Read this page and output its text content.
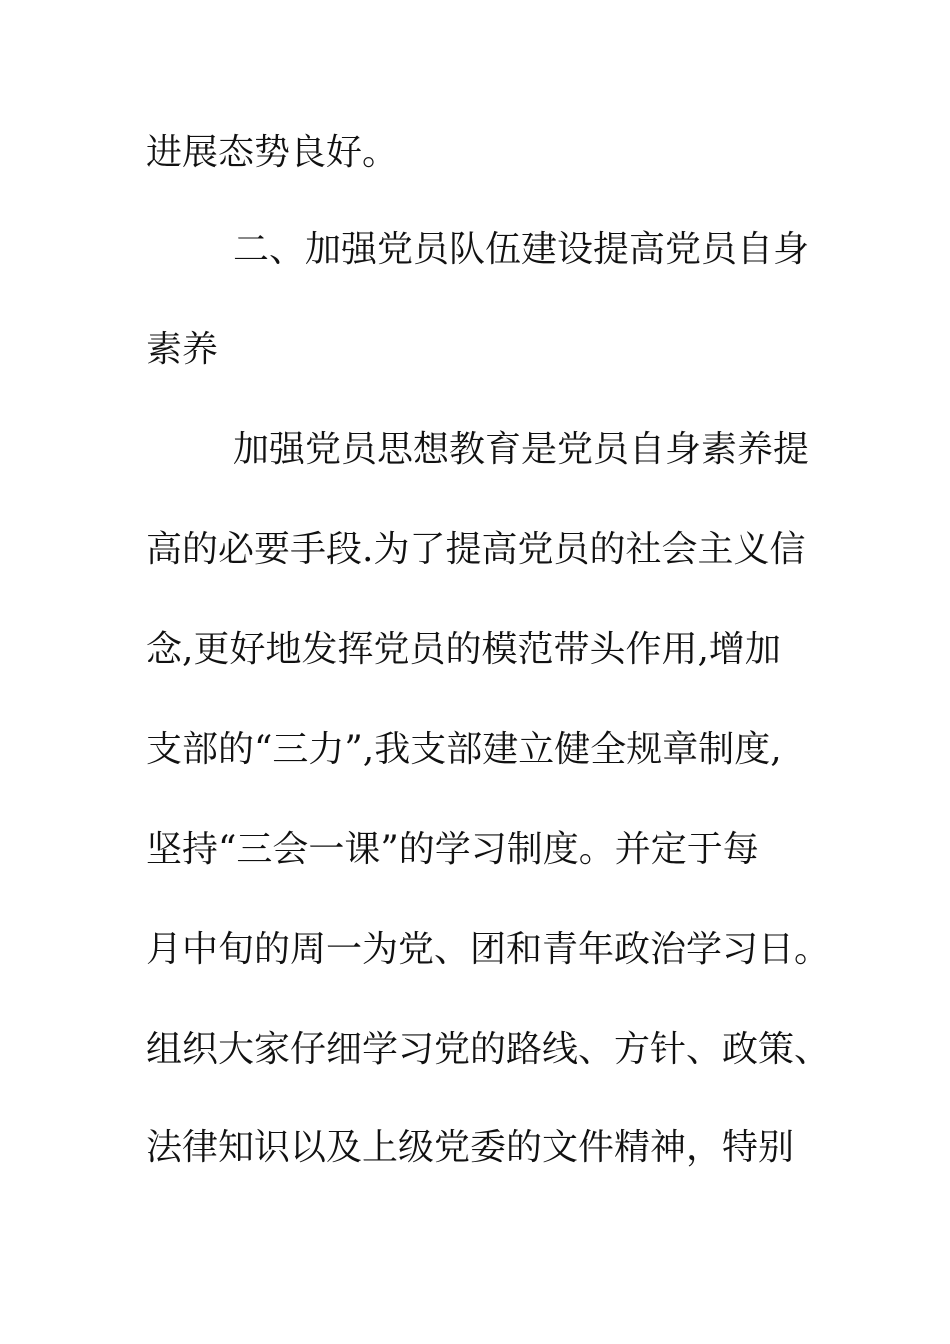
进展态势良好。

二、加强党员队伍建设提高党员自身

素养

加强党员思想教育是党员自身素养提

高的必要手段.为了提高党员的社会主义信

念,更好地发挥党员的模范带头作用,增加

支部的“三力”,我支部建立健全规章制度,

坚持“三会一课”的学习制度。并定于每

月中旬的周一为党、团和青年政治学习日。

组织大家仔细学习党的路线、方针、政策、

法律知识以及上级党委的文件精神，特别
